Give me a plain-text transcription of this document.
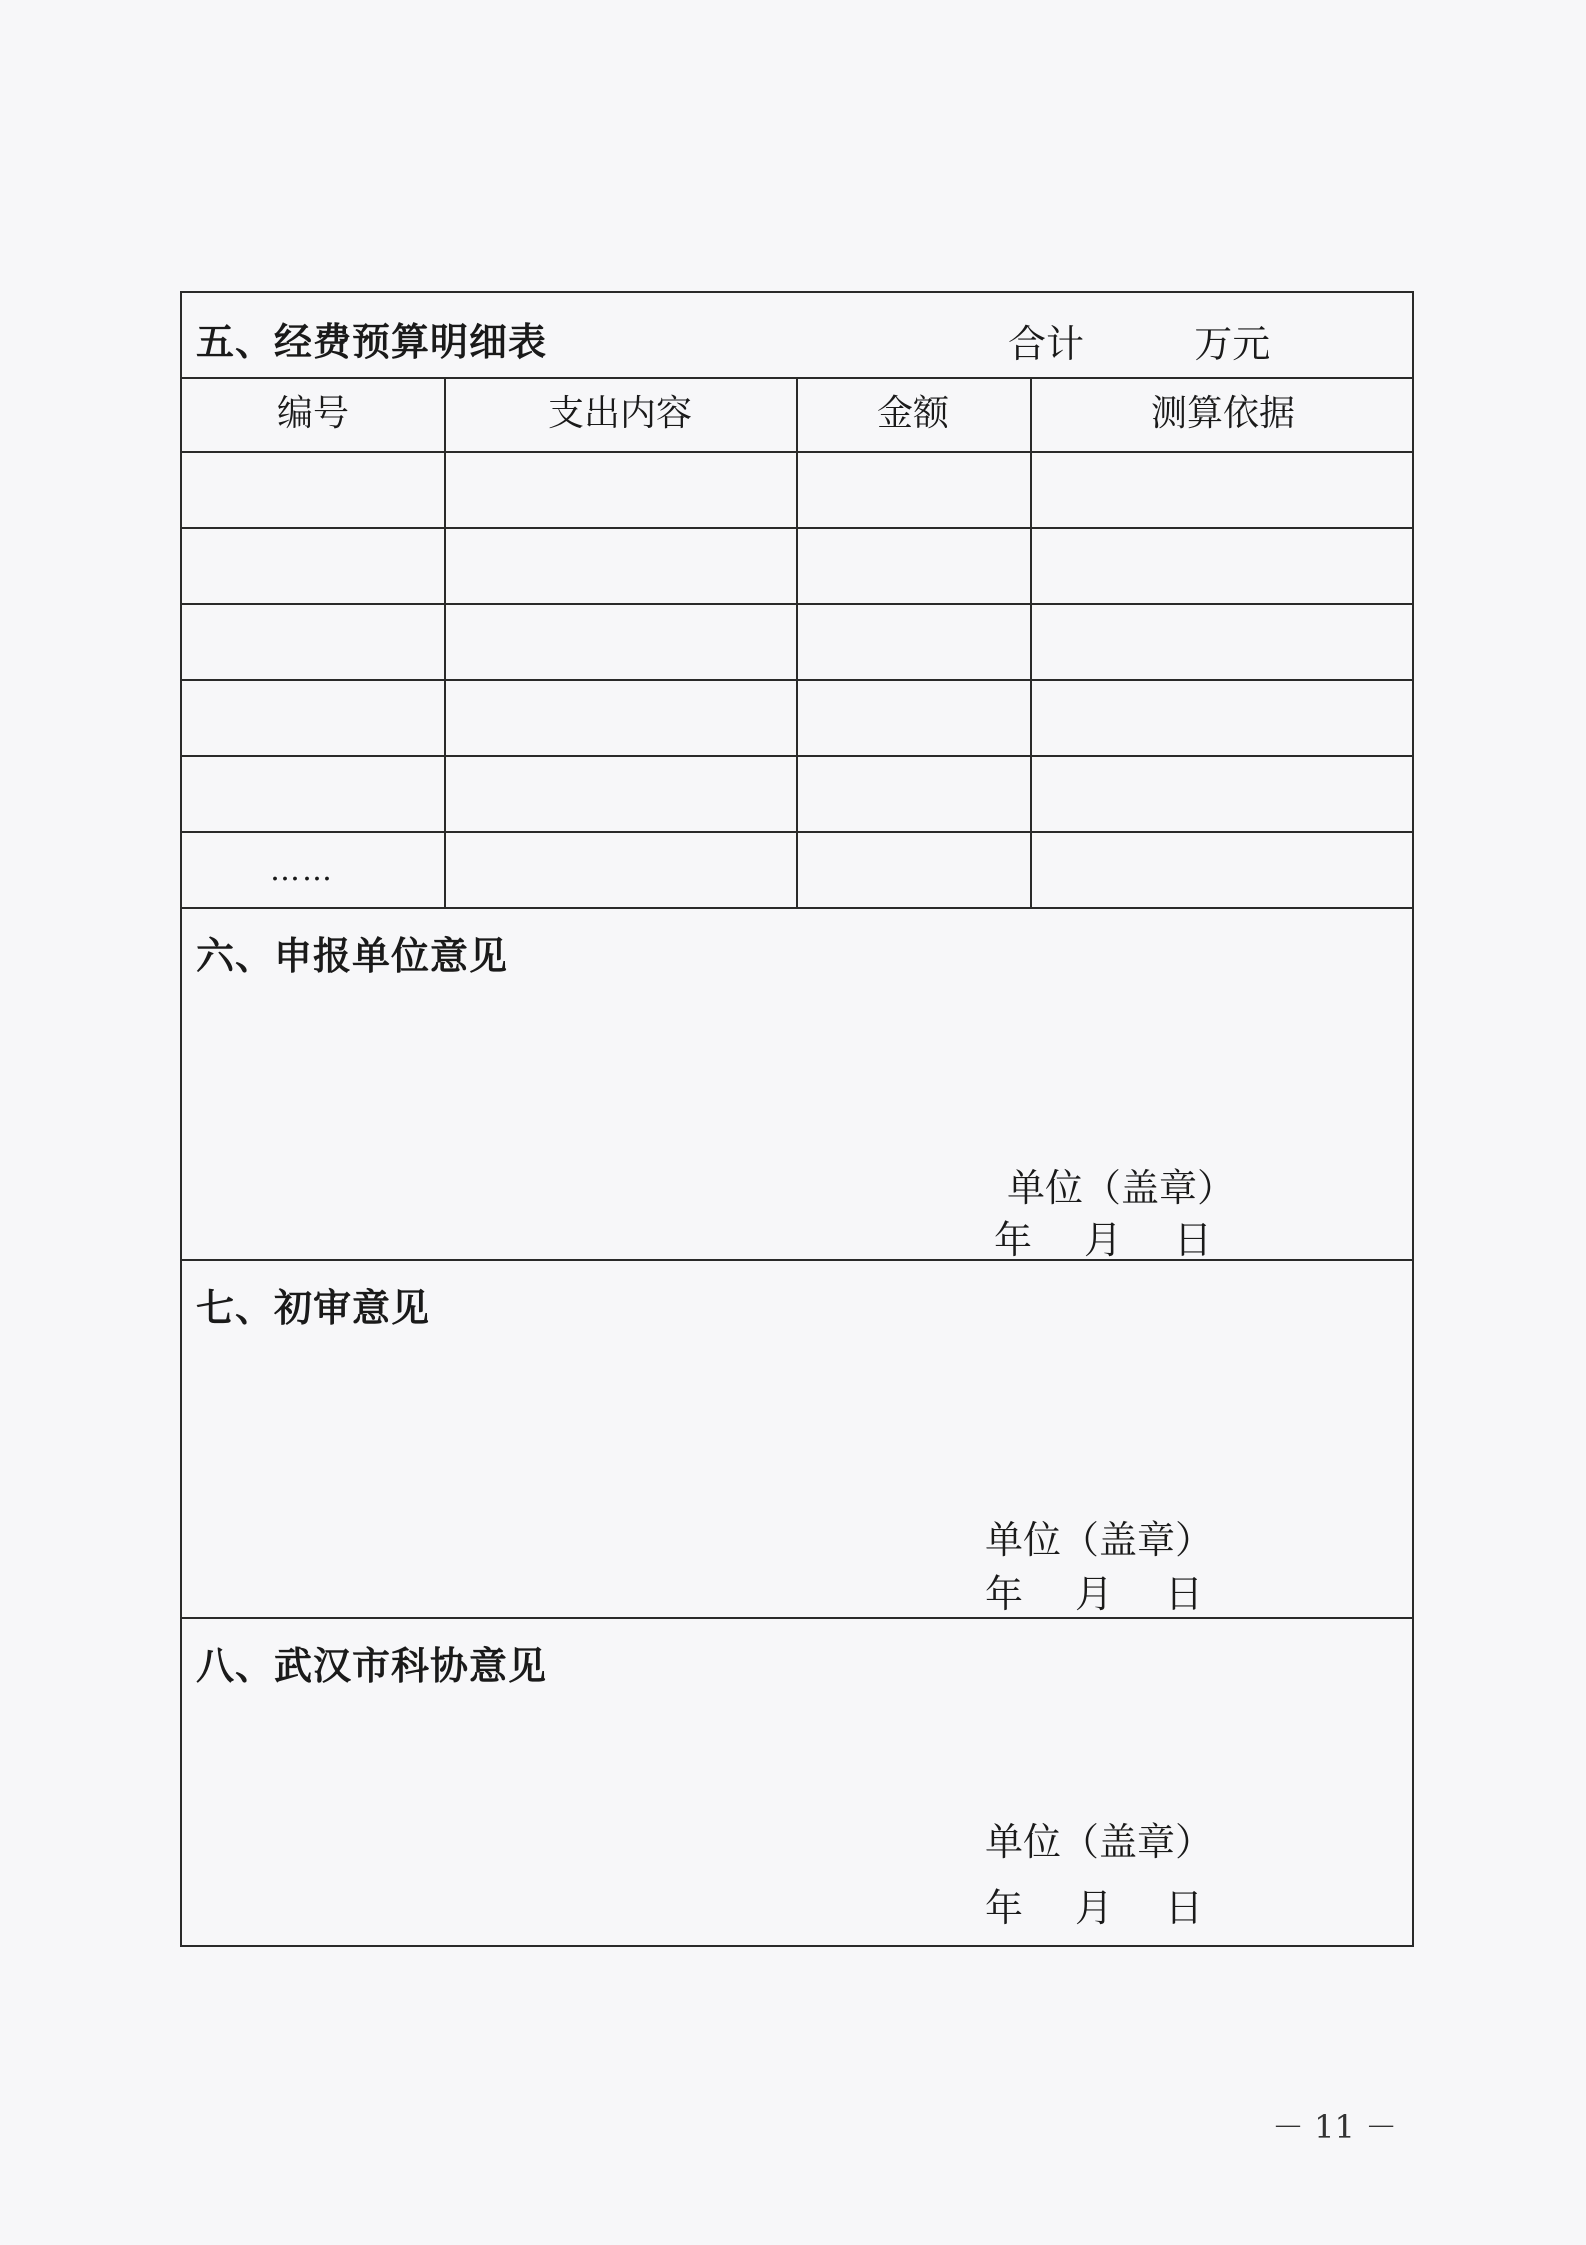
五、经费预算明细表	合计	万元
编号	支出内容	金额	测算依据
……
六、申报单位意见
单位（盖章）
年 月 日
七、初审意见
单位（盖章）
年 月 日
八、武汉市科协意见
单位（盖章）
年 月 日
－ 11 －
